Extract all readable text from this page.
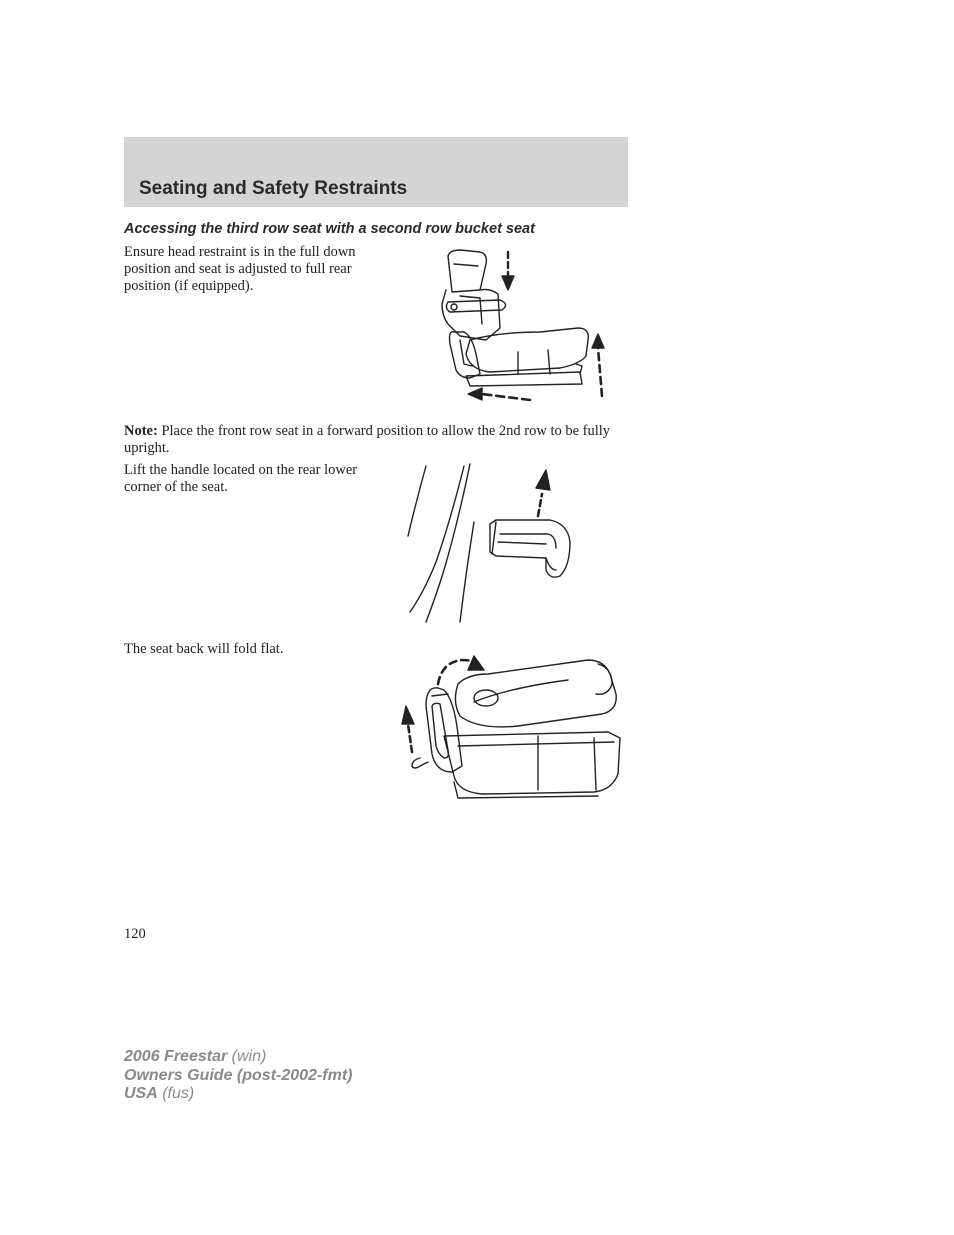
Seating and Safety Restraints
Accessing the third row seat with a second row bucket seat

Ensure head restraint is in the full down position and seat is adjusted to full rear position (if equipped).

Note: Place the front row seat in a forward position to allow the 2nd row to be fully upright.

Lift the handle located on the rear lower corner of the seat.

The seat back will fold flat.

120
2006 Freestar (win)
Owners Guide (post-2002-fmt)
USA (fus)
